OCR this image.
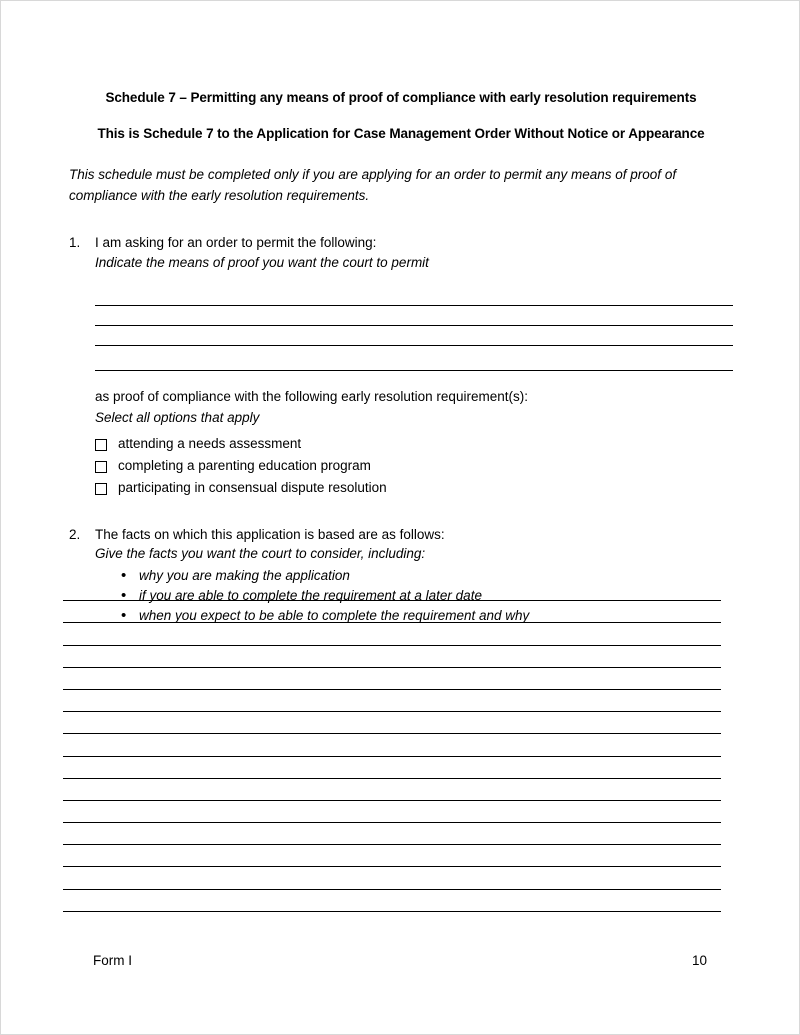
Schedule 7 – Permitting any means of proof of compliance with early resolution requirements
This is Schedule 7 to the Application for Case Management Order Without Notice or Appearance
This schedule must be completed only if you are applying for an order to permit any means of proof of compliance with the early resolution requirements.
1.	I am asking for an order to permit the following:
Indicate the means of proof you want the court to permit
as proof of compliance with the following early resolution requirement(s):
Select all options that apply
attending a needs assessment
completing a parenting education program
participating in consensual dispute resolution
2.	The facts on which this application is based are as follows:
Give the facts you want the court to consider, including:
• why you are making the application
• if you are able to complete the requirement at a later date
• when you expect to be able to complete the requirement and why
Form I	10
